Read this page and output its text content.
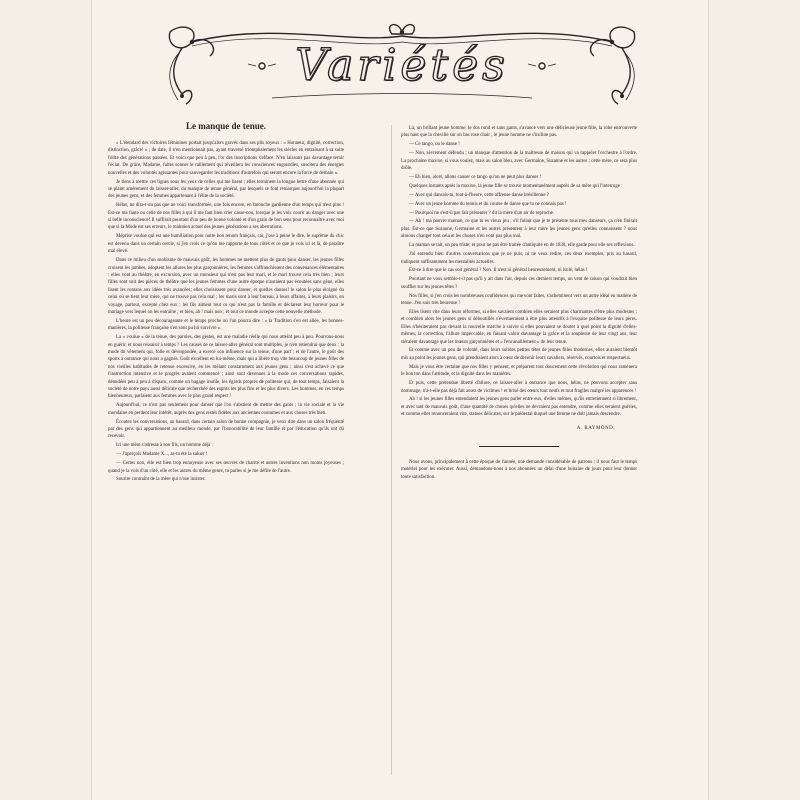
Variétés
Le manque de tenue.

« L'étendard des victoires féminines portait jusqu'alors gravés dans ses plis soyeux : « Honneur, dignité, correction, distinction, grâce! » ; de date, il n'en mentionnait pas, ayant traversé triomphalement les siècles en entraînant à sa suite l'élite des générations passées. Et voici que peu à peu, l'or des inscriptions s'efface. N'en laissons pas davantage ternir l'éclat. De grâce, Madame, faites sonner le ralliement qui réveillera les consciences engourdies, suscitera des énergies nouvelles et des volontés agissantes pour sauvegarder les traditions d'autrefois qui seront encore la force de demain ».

Je tiens à mettre ces lignes sous les yeux de celles qui me lisent ; elles terminent la longue lettre d'une abonnée qui se plaint amèrement du laisser-aller, du manque de tenue général, par lesquels se font remarquer aujourd'hui la plupart des jeunes gens, et des femmes appartenant à l'élite de la société.

Hélas, ne dira-t-on pas que ne voici transformée, une fois encore, en farouche gardienne d'un temps qui n'est plus ! Est-ce ma faute ou celle de nos filles à qui il me faut bien crier casse-cou, lorsque je les vois courir au danger avec une si belle inconscience! Il suffirait pourtant d'un peu de bonne volonté et d'un grain de bon sens pour reconnaître avec moi que si la Mode est ses erreurs, le maintien actuel des jeunes générations a ses aberrations.

Méprise voulue qui est une humiliation pour notre bon renom français, car, j'ose à peine le dire, le suprême du chic est devenu dans un certain cercle, si j'en crois ce qu'on me rapporte de tous côtés et ce que je vois ici et là, de paraître mal élevé.

Dans ce milieu d'un snobisme de mauvais goût, les hommes ne mettent plus de gants pour danser, les jeunes filles croisent les jambes, adoptent les allures les plus garçonnières, les femmes s'affranchissent des convenances élémentaires : elles vont au théâtre, en excursion, avec un monsieur qui n'est pas leur mari, et le mari trouve cela très bien ; leurs filles sont soit des pièces de théâtre que les jeunes femmes d'une autre époque n'auraient pas écoutées sans gêne, elles lisent les romans aux idées très avancées; elles choisissent pour danser, et quelles danses! le salon le plus éloigné du celui où se tient leur mère, qui ne trouve pas cela mal ; les maris sont à leur bureau, à leurs affaires, à leurs plaisirs, en voyage, partout, excepté chez eux ; les fils aimeut tout ce qui n'est pas la famille et déclarent leur horreur pour le mariage vers lequel on les entraîne ; et bien, ah ! mais non ; et tout ce monde accepte cette nouvelle méthode.

L'heure est un peu décourageante et le temps proche où l'on pourra dire : « la Tradition s'en est allée, les bonnes-manières, la politesse française s'en sont pu lui survivre ».

La « voulue » de la tenue, des paroles, des gestes, est une maladie réelle qui nous atteint peu à peu. Pourrons-nous en guérir, et nous ressaisir à temps ? Les causes de ce laisser-aller général sont multiples, je n'en retiendrai que deux : la mode du vêtement qui, folle et dévergondée, a exercé son influence sur la tenue, d'une part ; et de l'autre, le goût des sports à outrance qui nous a gagnés. Goût excellent en lui-même, mais qui a libéré trop vite beaucoup de jeunes filles de nos vieilles habitudes de retenue excessive, en les mêlant constamment aux jeunes gens ; ainsi s'est achevé ce que l'instruction intensive et le progrès avaient commencé ; ainsi sont devenues à la mode ces conversations rapides, dénudées peu à peu à disparu, comme un bagage inutile, les égards propres de politesse qui, de tout temps, faisaient la société de notre pays aussi délicate que recherchée des esprits les plus fins et les plus divers. Les hommes, en ces temps bienheureux, parlaient aux femmes avec le plus grand respect !

Aujourd'hui, ce n'est pas seulement pour danser que l'on s'abstient de mettre des gants ; la vie sociale et la vie mondaine en perdent leur intérêt, auprès des gens restés fidèles aux anciennes coutumes et aux choses très bien.

Écoutez les conversations, au hasard, dans certain salon de bonne compagnie, je veux dire dans un salon fréquenté par des gens qui appartiennent au meilleur monde, par l'honorabilité de leur famille et par l'éducation qu'ils ont dû recevoir.

Ici une mère s'adresse à son fils, un homme déjà :

— J'aperçois Madame X..., as-tu été la saluer !

— Certes non, elle est bien trop ennuyeuse avec ses œuvres de charité et autres inventions non moins joyeuses ; quand je la vois d'un côté, elle et les autres du même genre, tu parles si je me défile de l'autre.

Sourire contraint de la mère qui n'ose insister.

Là, un brillant jeune homme, le dos rond et sans gants, s'avance vers une délicieuse jeune fille, la robe entr'ouverte plus haut que la cheville sur un bas rose chair ; le jeune homme ne s'incline pas.

— Ce tango, ou le danse !

— Non, sèvrement défendu ; un manque d'attention de la maîtresse de maison qui va rappeler l'orchestre à l'ordre. La prochaine maxixe, si vous voulez, mais au salon bleu, avec Germaine, Suzanne et les autres ; cette mère, ce sera plus drôle.

— Eh bien, alors, allons causer ce tango qu'on ne peut plus danser !

Quelques instants après la maxixe, la jeune fille se trouve momentanément auprès de sa mère qui l'interroge :

— Avec qui dansais-tu, tout-à-l'heure, cette affreuse danse brésilienne ?

— Avec un jeune homme du tennis et du course de danse que tu ne connais pas !

— Pourquoi ne s'est-il pas fait présenter ? dit la mère d'un air de reproche.

— Ah ! ma pauvre maman, ce que tu es vieux jeu ; s'il fallait que je te présente tous mes danseurs, ça n'en finirait plus. Est-ce que Suzanne, Germaine et les autres présentent à leur mère les jeunes gens qu'elles connaissent ? nous aimons changer tout cela et les choses n'en vont pas plus mal.

La maman se tait, un peu triste; et pour ne pas être traitée d'antiquité en de 1830, elle garde pour elle ses réflexions.

J'ai entendu bien d'autres conversations que je ne puis, ni ne veux redire, ces deux exemples, pris au hasard, indiquent suffisamment les mentalités actuelles.

Est-ce à dire que le cas soit général ? Non. Il n'est ni général heureusement, ni isolé, hélas !

Pourtant ne vous semble-t-il pas qu'il y ait dans l'air, depuis ces derniers temps, un vent de raison qui voudrait bien souffler sur les jeunes têtes ?

Nos filles, si j'en crois les nombreuses confidences qui me sont faites, s'acheminent vers un autre idéal en matière de tenue. J'en suis très heureuse !

Elles lisent vite dans leurs réformes, si elles savaient combien elles seraient plus charmantes d'être plus modestes ; et combien alors les jeunes gens si déboutillés s'évertueraient à être plus attentifs à l'exquise politesse de leurs pères. Elles n'hésiteraient pas devant la nouvelle marche à suivre si elles pouvaient se douter à quel point la dignité d'elles-mêmes, la correction, l'allure impeccable, en faisant valoir davantage la grâce et la souplesse de leur vingt ans, leur siéraient davantage que les mœurs garçonnières et « l'encanaillement » de leur tenue.

Et comme avec un peu de volonté, dans leurs solides petites têtes de jeunes filles modernes, elles auraient bientôt mis au point les jeunes gens, qui prendraient alors à cœur de devenir leurs cavaliers, réservés, courtois et respectueux.

Mais je vous être certaine que nos filles y pensent, et préparent tout doucement cette révolution qui nous ramènera le bon ton dans l'attitude, et la dignité dans les manières.

Et puis, cette prétendue liberté d'allure, ce laisser-aller à outrance que nous, hélas, ne pouvons accepter sans dommage, n'a-t-elle pas déjà fait assez de victimes ! et brisé des cœurs tout neufs et tout fragiles malgré les apparences !

Ah ! si les jeunes filles entendaient les jeunes gens parler entre eux, d'elles mêmes, qu'ils entretiennent si librement, et avec tant de mauvais goût, d'une quantité de choses qu'elles ne devraient pas entendre, comme elles seraient guéries, et comme elles renonceraient vite, statues délicates, sur le piédestal duquel une femme ne doit jamais descendre.

A. RAYMOND.

Nous avons, principalement à cette époque de l'année, une demande considérable de patrons ; il nous faut le temps matériel pour les exécuter. Aussi, demandons-nous à nos abonnées un délai d'une huitaine de jours pour leur donner toute satisfaction.
